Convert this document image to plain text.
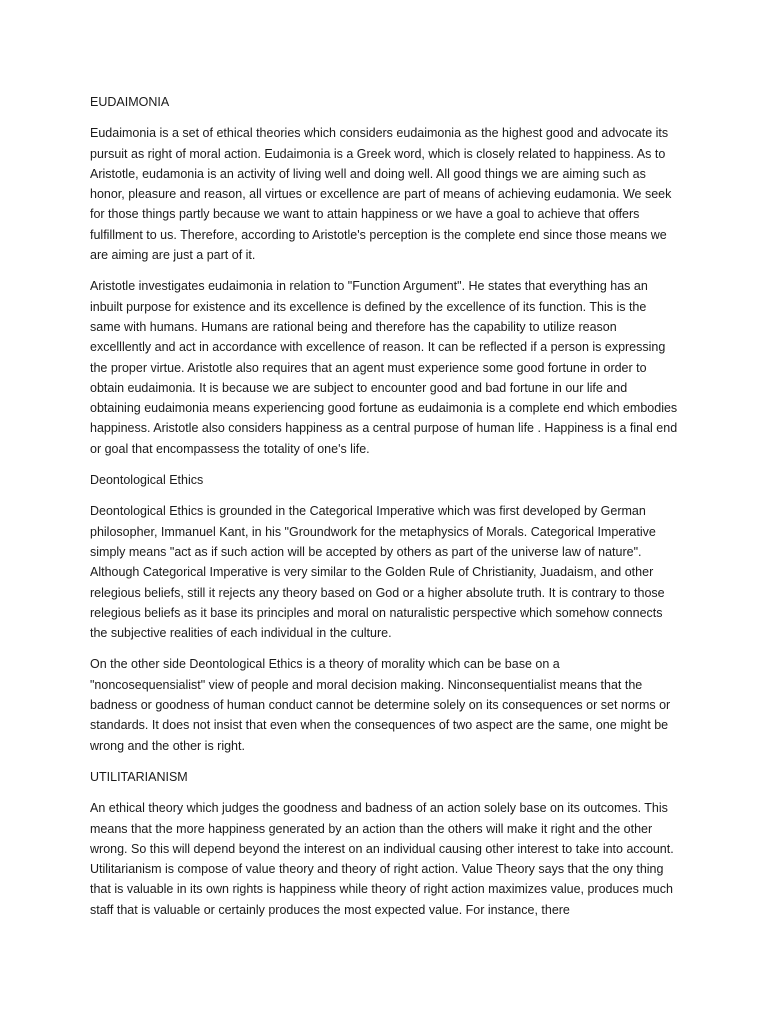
EUDAIMONIA
Eudaimonia is a set of ethical theories which considers eudaimonia as the highest good and advocate its pursuit as right of moral action. Eudaimonia is a Greek word, which is closely related to happiness. As to Aristotle, eudamonia is an activity of living well and doing well. All good things we are aiming such as honor, pleasure and reason, all virtues or excellence are part of means of achieving eudamonia. We seek for those things partly because we want to attain happiness or we have a goal to achieve that offers fulfillment to us. Therefore, according to Aristotle's perception is the complete end since those means we are aiming are just a part of it.
Aristotle investigates eudaimonia in relation to "Function Argument". He states that everything has an inbuilt purpose for existence and its excellence is defined by the excellence of its function. This is the same with humans. Humans are rational being and therefore has the capability to utilize reason excelllently and act in accordance with excellence of reason. It can be reflected if a person is expressing the proper virtue. Aristotle also requires that an agent must experience some good fortune in order to obtain eudaimonia. It is because we are subject to encounter good and bad fortune in our life and obtaining eudaimonia means experiencing good fortune as eudaimonia is a complete end which embodies happiness. Aristotle also considers happiness as a central purpose of human life . Happiness is a final end or goal that encompassess the totality of one's life.
Deontological Ethics
Deontological Ethics is grounded in the Categorical Imperative which was first developed by German philosopher, Immanuel Kant, in his "Groundwork for the metaphysics of Morals. Categorical Imperative simply means "act as if such action will be accepted by others as part of the universe law of nature". Although Categorical Imperative is very similar to the Golden Rule of Christianity, Juadaism, and other relegious beliefs, still it rejects any theory based on God or a higher absolute truth. It is contrary to those relegious beliefs as it base its principles and moral on naturalistic perspective which somehow connects the subjective realities of each individual in the culture.
On the other side Deontological Ethics is a theory of morality which can be base on a "noncosequensialist" view of people and moral decision making. Ninconsequentialist means that the badness or goodness of human conduct cannot be determine solely on its consequences or set norms or standards. It does not insist that even when the consequences of two aspect are the same, one might be wrong and the other is right.
UTILITARIANISM
An ethical theory which judges the goodness and badness of an action solely base on its outcomes. This means that the more happiness generated by an action than the others will make it right and the other wrong. So this will depend beyond the interest on an individual causing other interest to take into account. Utilitarianism is compose of value theory and theory of right action. Value Theory says that the ony thing that is valuable in its own rights is happiness while theory of right action maximizes value, produces much staff that is valuable or certainly produces the most expected value. For instance, there
